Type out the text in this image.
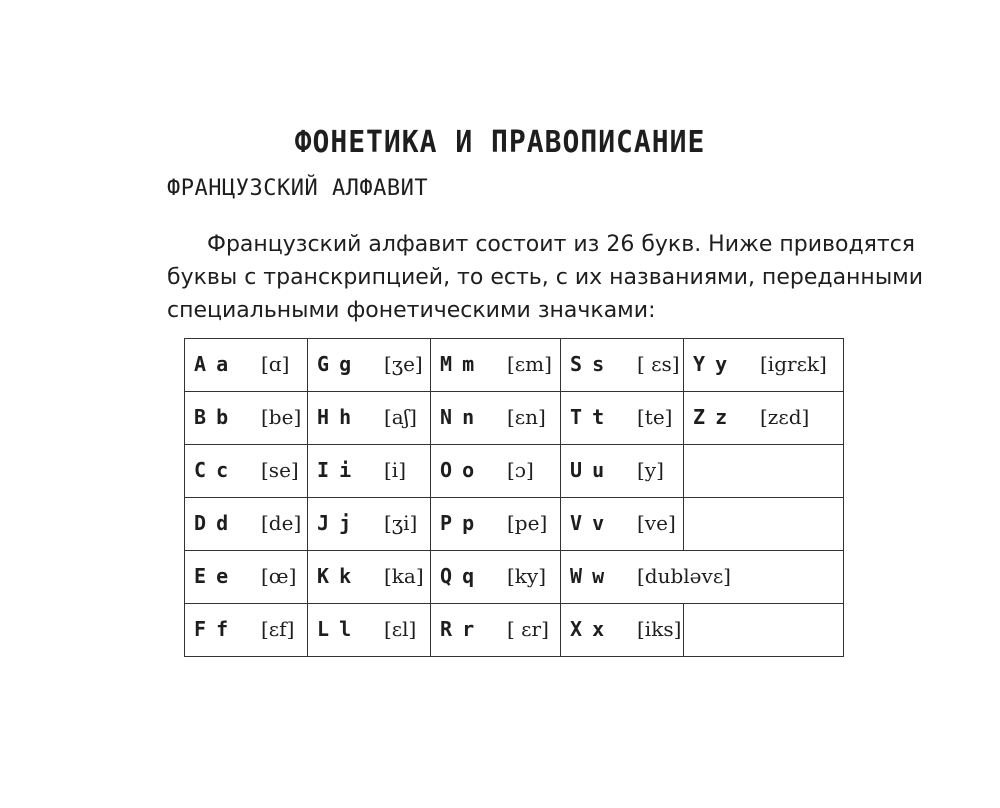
ФОНЕТИКА И ПРАВОПИСАНИЕ
ФРАНЦУЗСКИЙ АЛФАВИТ

Французский алфавит состоит из 26 букв. Ниже приводятся
буквы с транскрипцией, то есть, с их названиями, переданными
специальными фонетическими значками:

A a [ɑ]	G g [ʒe]	M m [ɛm]	S s [ ɛs]	Y y [igrɛk]

B b [be]	H h [aʃ]	N n [ɛn]	T t [te]	Z z [zɛd]

C c [se]	I i [i]	O o [ɔ]	U u [y]	

D d [de]	J j [ʒi]	P p [pe]	V v [ve]	

E e [œ]	K k [ka]	Q q [ky]	W w [dubləvɛ]	

F f [ɛf]	L l [ɛl]	R r [ ɛr]	X x [iks]	
